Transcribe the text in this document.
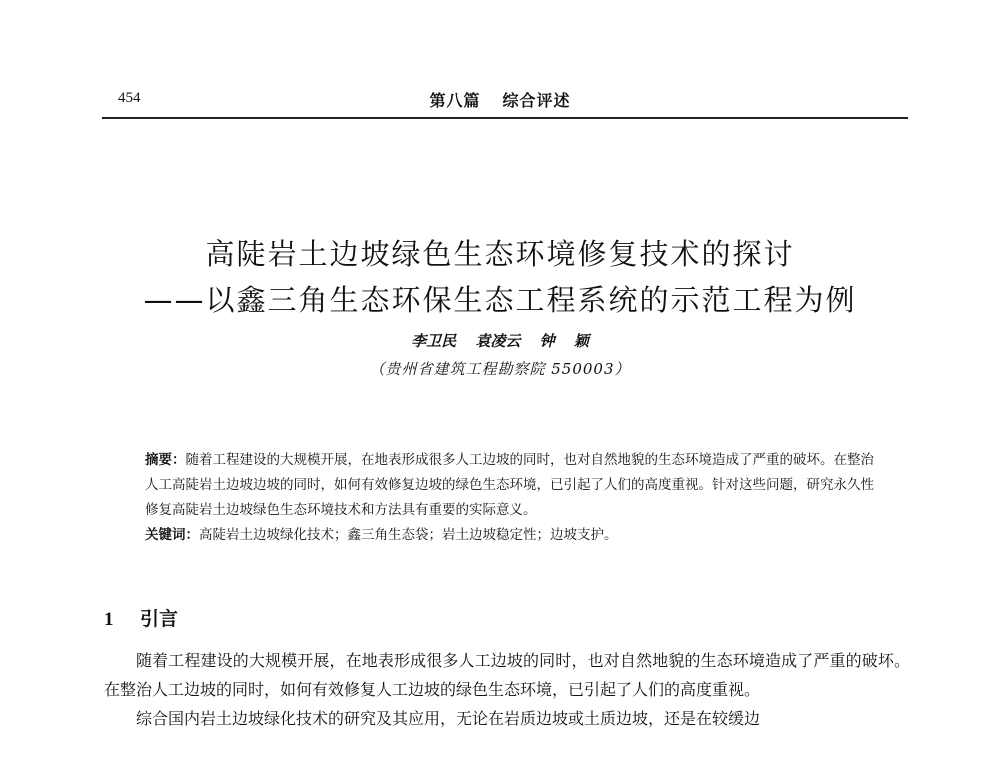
454	第八篇 综合评述
高陡岩土边坡绿色生态环境修复技术的探讨
——以鑫三角生态环保生态工程系统的示范工程为例
李卫民 袁凌云 钟 颖
（贵州省建筑工程勘察院 550003）

摘要：随着工程建设的大规模开展，在地表形成很多人工边坡的同时，也对自然地貌的生态环境造成了严重的破坏。在整治人工高陡岩土边坡边坡的同时，如何有效修复边坡的绿色生态环境，已引起了人们的高度重视。针对这些问题，研究永久性修复高陡岩土边坡绿色生态环境技术和方法具有重要的实际意义。

关键词：高陡岩土边坡绿化技术；鑫三角生态袋；岩土边坡稳定性；边坡支护。

1 引言

随着工程建设的大规模开展，在地表形成很多人工边坡的同时，也对自然地貌的生态环境造成了严重的破坏。在整治人工边坡的同时，如何有效修复人工边坡的绿色生态环境，已引起了人们的高度重视。

综合国内岩土边坡绿化技术的研究及其应用，无论在岩质边坡或土质边坡，还是在较缓边
